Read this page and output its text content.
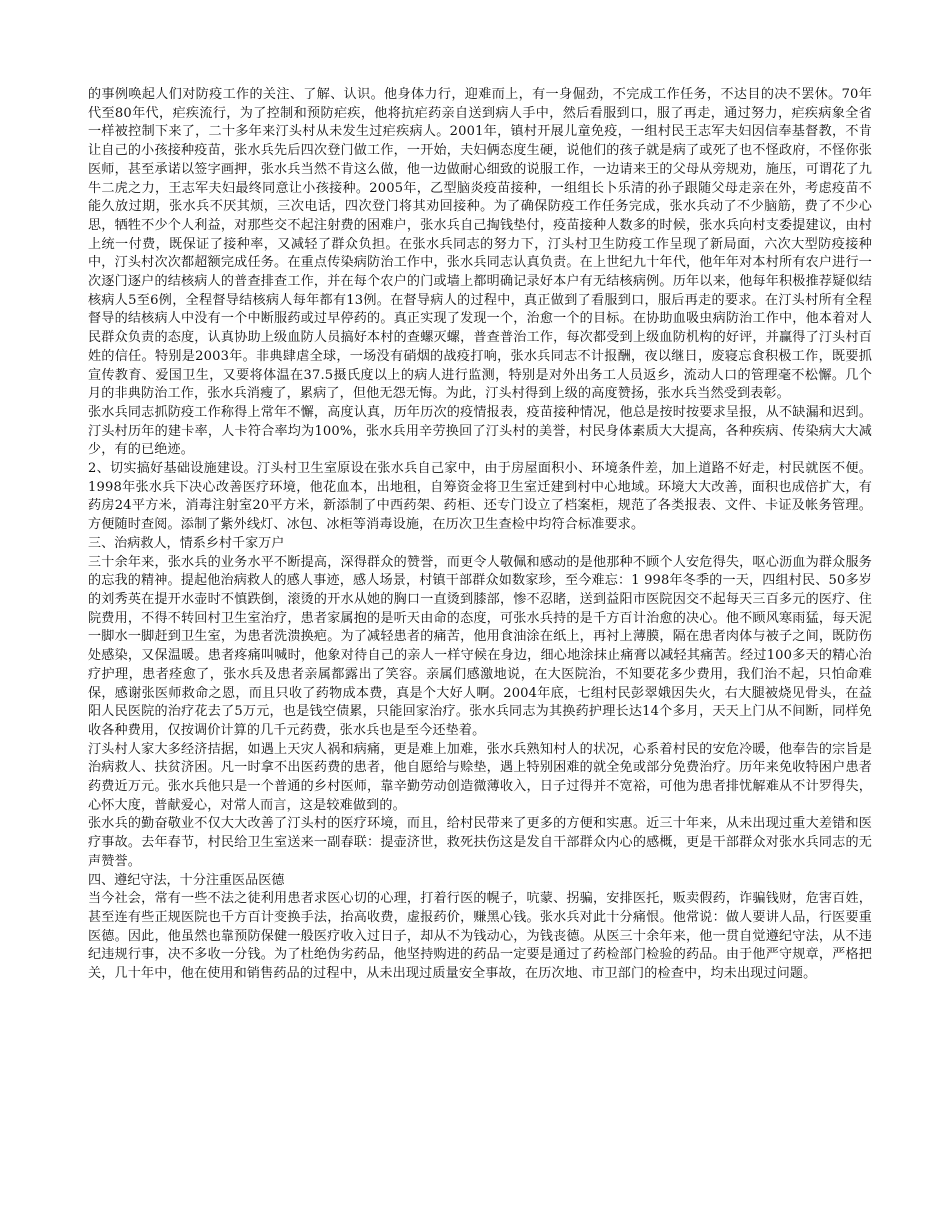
的事例唤起人们对防疫工作的关注、了解、认识。他身体力行，迎难而上，有一身倔劲，不完成工作任务，不达目的决不罢休。70年代至80年代，疟疾流行，为了控制和预防疟疾，他将抗疟药亲自送到病人手中，然后看服到口，服了再走，通过努力，疟疾病象全省一样被控制下来了，二十多年来汀头村从未发生过疟疾病人。2001年，镇村开展儿童免疫，一组村民王志军夫妇因信奉基督教，不肯让自己的小孩接种疫苗，张水兵先后四次登门做工作，一开始，夫妇俩态度生硬，说他们的孩子就是病了或死了也不怪政府，不怪你张医师，甚至承诺以签字画押，张水兵当然不肯这么做，他一边做耐心细致的说服工作，一边请来王的父母从旁规劝，施压，可谓花了九牛二虎之力，王志军夫妇最终同意让小孩接种。2005年，乙型脑炎疫苗接种，一组组长卜乐清的孙子跟随父母走亲在外，考虑疫苗不能久放过期，张水兵不厌其烦，三次电话，四次登门将其劝回接种。为了确保防疫工作任务完成，张水兵动了不少脑筋，费了不少心思，牺牲不少个人利益，对那些交不起注射费的困难户，张水兵自己掏钱垫付，疫苗接种人数多的时候，张水兵向村支委提建议，由村上统一付费，既保证了接种率，又减轻了群众负担。在张水兵同志的努力下，汀头村卫生防疫工作呈现了新局面，六次大型防疫接种中，汀头村次次都超额完成任务。在重点传染病防治工作中，张水兵同志认真负责。在上世纪九十年代，他年年对本村所有农户进行一次逐门逐户的结核病人的普查排查工作，并在每个农户的门或墙上都明确记录好本户有无结核病例。历年以来，他每年积极推荐疑似结核病人5至6例，全程督导结核病人每年都有13例。在督导病人的过程中，真正做到了看服到口，服后再走的要求。在汀头村所有全程督导的结核病人中没有一个中断服药或过早停药的。真正实现了发现一个，治愈一个的目标。在协助血吸虫病防治工作中，他本着对人民群众负责的态度，认真协助上级血防人员搞好本村的查螺灭螺，普查普治工作，每次都受到上级血防机构的好评，并赢得了汀头村百姓的信任。特别是2003年。非典肆虐全球，一场没有硝烟的战疫打响，张水兵同志不计报酬，夜以继日，废寝忘食积极工作，既要抓宣传教育、爱国卫生，又要将体温在37.5摄氏度以上的病人进行监测，特别是对外出务工人员返乡，流动人口的管理毫不松懈。几个月的非典防治工作，张水兵消瘦了，累病了，但他无怨无悔。为此，汀头村得到上级的高度赞扬，张水兵当然受到表彰。

张水兵同志抓防疫工作称得上常年不懈，高度认真，历年历次的疫情报表，疫苗接种情况，他总是按时按要求呈报，从不缺漏和迟到。汀头村历年的建卡率，人卡符合率均为100%，张水兵用辛劳换回了汀头村的美誉，村民身体素质大大提高，各种疾病、传染病大大减少，有的已绝迹。

2、切实搞好基础设施建设。汀头村卫生室原设在张水兵自己家中，由于房屋面积小、环境条件差，加上道路不好走，村民就医不便。1998年张水兵下决心改善医疗环境，他花血本，出地租，自筹资金将卫生室迁建到村中心地域。环境大大改善，面积也成倍扩大，有药房24平方米，消毒注射室20平方米，新添制了中西药架、药柜、还专门设立了档案柜，规范了各类报表、文件、卡证及帐务管理。方便随时查阅。添制了紫外线灯、冰包、冰柜等消毒设施，在历次卫生查检中均符合标准要求。

三、治病救人，情系乡村千家万户

三十余年来，张水兵的业务水平不断提高，深得群众的赞誉，而更令人敬佩和感动的是他那种不顾个人安危得失，呕心沥血为群众服务的忘我的精神。提起他治病救人的感人事迹，感人场景，村镇干部群众如数家珍，至今难忘：1 998年冬季的一天，四组村民、50多岁的刘秀英在提开水壶时不慎跌倒，滚烫的开水从她的胸口一直烫到膝部，惨不忍睹，送到益阳市医院因交不起每天三百多元的医疗、住院费用，不得不转回村卫生室治疗，患者家属抱的是听天由命的态度，可张水兵持的是千方百计治愈的决心。他不顾风寒雨猛，每天泥一脚水一脚赶到卫生室，为患者洗溃换疤。为了减轻患者的痛苦，他用食油涂在纸上，再衬上薄膜，隔在患者肉体与被子之间，既防伤处感染，又保温暖。患者疼痛叫喊时，他象对待自己的亲人一样守候在身边，细心地涂抹止痛膏以减轻其痛苦。经过100多天的精心治疗护理，患者痊愈了，张水兵及患者亲属都露出了笑容。亲属们感激地说，在大医院治，不知要花多少费用，我们治不起，只怕命难保，感谢张医师救命之恩，而且只收了药物成本费，真是个大好人啊。2004年底，七组村民彭翠娥因失火，右大腿被烧见骨头，在益阳人民医院的治疗花去了5万元，也是钱空债累，只能回家治疗。张水兵同志为其换药护理长达14个多月，天天上门从不间断，同样免收各种费用，仅按调价计算的几千元药费，张水兵也是至今还垫着。

汀头村人家大多经济拮据，如遇上天灾人祸和病痛，更是难上加难，张水兵熟知村人的状况，心系着村民的安危冷暖，他奉告的宗旨是治病救人、扶贫济困。凡一时拿不出医药费的患者，他自愿给与赊垫，遇上特别困难的就全免或部分免费治疗。历年来免收特困户患者药费近万元。张水兵他只是一个普通的乡村医师，靠辛勤劳动创造微薄收入，日子过得并不宽裕，可他为患者排忧解难从不计罗得失，心怀大度，普献爱心，对常人而言，这是较难做到的。

张水兵的勤奋敬业不仅大大改善了汀头村的医疗环境，而且，给村民带来了更多的方便和实惠。近三十年来，从未出现过重大差错和医疗事故。去年春节，村民给卫生室送来一副春联：提壶济世，救死扶伤这是发自干部群众内心的感概，更是干部群众对张水兵同志的无声赞誉。

四、遵纪守法，十分注重医品医德

当今社会，常有一些不法之徒利用患者求医心切的心理，打着行医的幌子，吭蒙、拐骗，安排医托，贩卖假药，诈骗钱财，危害百姓，甚至连有些正规医院也千方百计变换手法，抬高收费，虚报药价，赚黑心钱。张水兵对此十分痛恨。他常说：做人要讲人品，行医要重医德。因此，他虽然也靠预防保健一般医疗收入过日子，却从不为钱动心，为钱丧德。从医三十余年来，他一贯自觉遵纪守法，从不违纪违规行事，决不多收一分钱。为了杜绝伪劣药品，他坚持购进的药品一定要是通过了药检部门检验的药品。由于他严守规章，严格把关，几十年中，他在使用和销售药品的过程中，从未出现过质量安全事故，在历次地、市卫部门的检查中，均未出现过问题。
